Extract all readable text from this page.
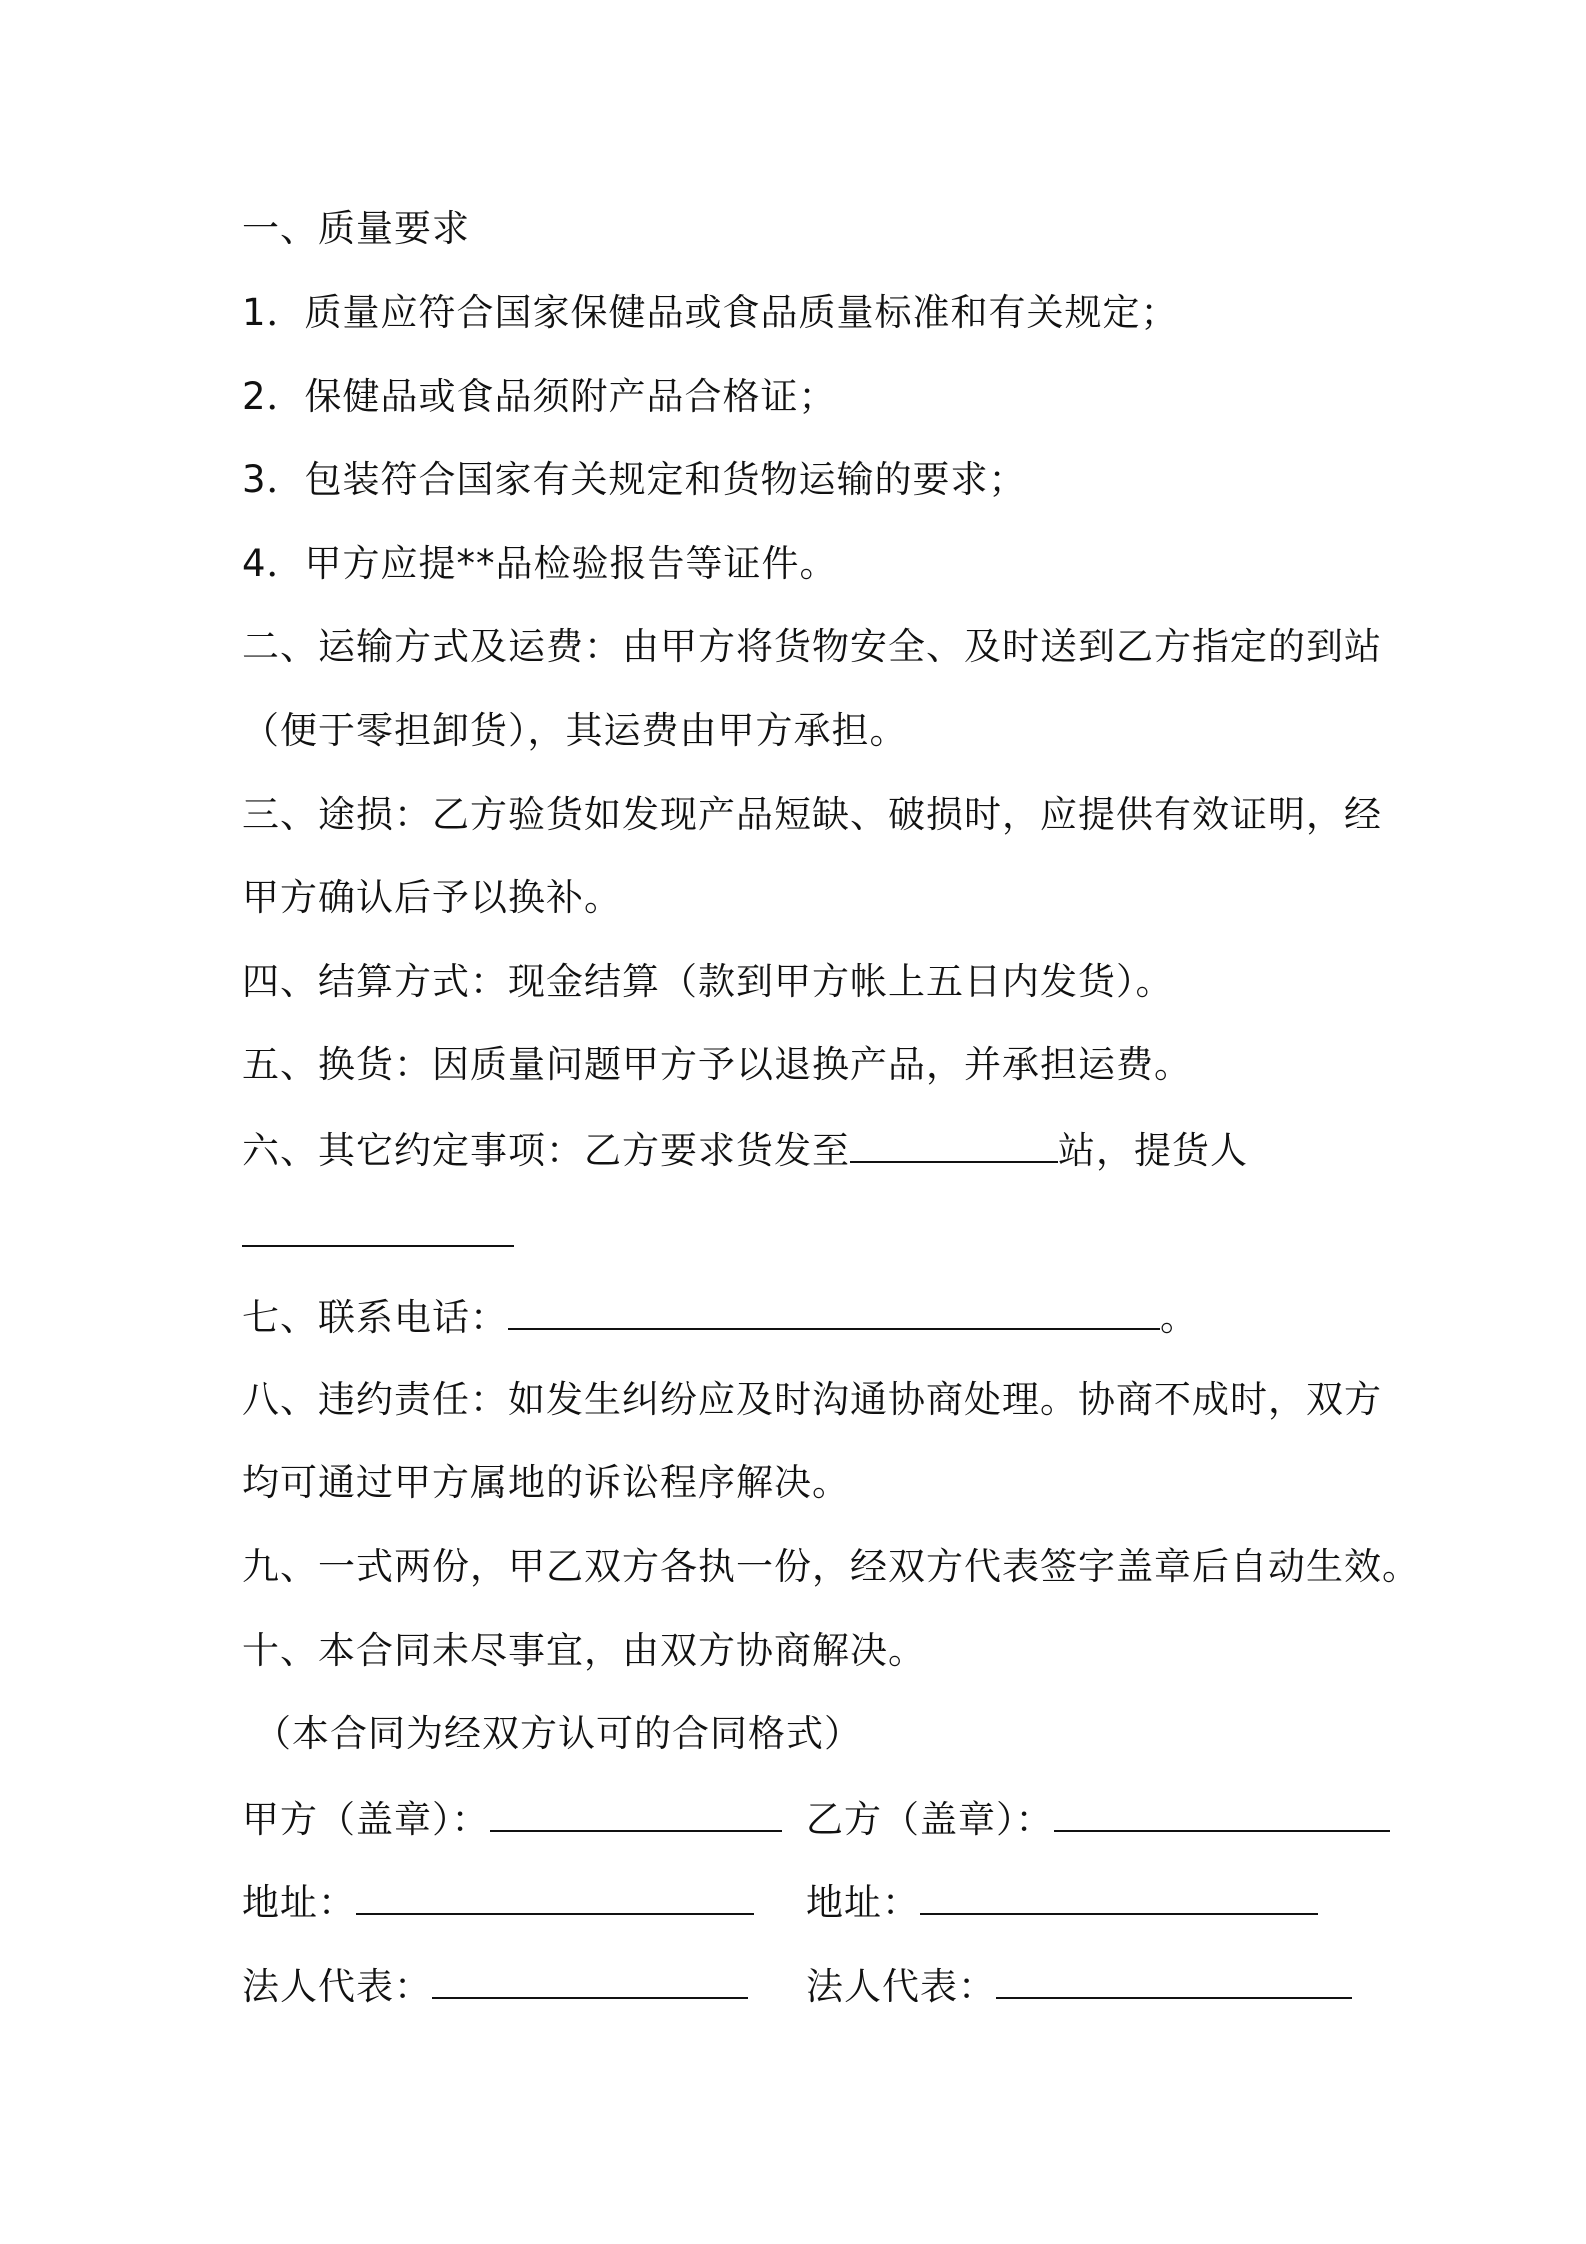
一、质量要求
1．质量应符合国家保健品或食品质量标准和有关规定；
2．保健品或食品须附产品合格证；
3．包装符合国家有关规定和货物运输的要求；
4．甲方应提**品检验报告等证件。
二、运输方式及运费：由甲方将货物安全、及时送到乙方指定的到站
（便于零担卸货），其运费由甲方承担。
三、途损：乙方验货如发现产品短缺、破损时，应提供有效证明，经
甲方确认后予以换补。
四、结算方式：现金结算（款到甲方帐上五日内发货）。
五、换货：因质量问题甲方予以退换产品，并承担运费。
六、其它约定事项：乙方要求货发至	站，提货人
七、联系电话：	。
八、违约责任：如发生纠纷应及时沟通协商处理。协商不成时，双方
均可通过甲方属地的诉讼程序解决。
九、一式两份，甲乙双方各执一份，经双方代表签字盖章后自动生效。
十、本合同未尽事宜，由双方协商解决。
（本合同为经双方认可的合同格式）
甲方（盖章）：	乙方（盖章）：
地址：	地址：
法人代表：	法人代表：
